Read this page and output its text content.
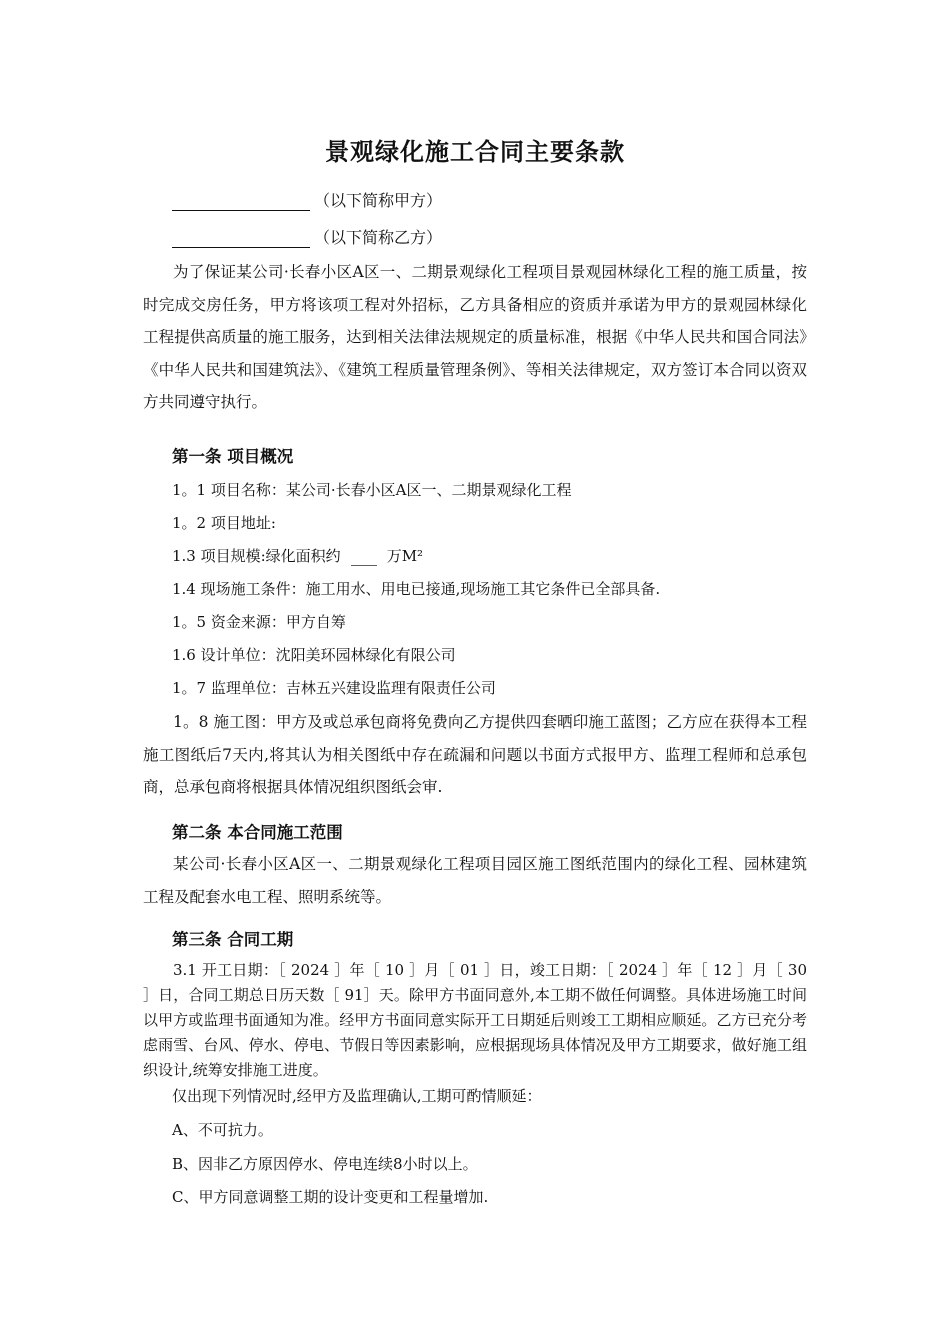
景观绿化施工合同主要条款
（以下简称甲方）
（以下简称乙方）
为了保证某公司·长春小区A区一、二期景观绿化工程项目景观园林绿化工程的施工质量，按时完成交房任务，甲方将该项工程对外招标，乙方具备相应的资质并承诺为甲方的景观园林绿化工程提供高质量的施工服务，达到相关法律法规规定的质量标准，根据《中华人民共和国合同法》《中华人民共和国建筑法》、《建筑工程质量管理条例》、等相关法律规定，双方签订本合同以资双方共同遵守执行。
第一条 项目概况
1。1 项目名称：某公司·长春小区A区一、二期景观绿化工程
1。2 项目地址:
1.3 项目规模:绿化面积约	万M²
1.4 现场施工条件：施工用水、用电已接通,现场施工其它条件已全部具备.
1。5 资金来源：甲方自筹
1.6 设计单位：沈阳美环园林绿化有限公司
1。7 监理单位：吉林五兴建设监理有限责任公司
1。8 施工图：甲方及或总承包商将免费向乙方提供四套晒印施工蓝图；乙方应在获得本工程施工图纸后7天内,将其认为相关图纸中存在疏漏和问题以书面方式报甲方、监理工程师和总承包商，总承包商将根据具体情况组织图纸会审.
第二条 本合同施工范围
某公司·长春小区A区一、二期景观绿化工程项目园区施工图纸范围内的绿化工程、园林建筑工程及配套水电工程、照明系统等。
第三条 合同工期
3.1 开工日期：［ 2024 ］年［ 10 ］月［ 01 ］日，竣工日期：［ 2024 ］年［ 12 ］月［ 30 ］日，合同工期总日历天数［ 91］天。除甲方书面同意外,本工期不做任何调整。具体进场施工时间以甲方或监理书面通知为准。经甲方书面同意实际开工日期延后则竣工工期相应顺延。乙方已充分考虑雨雪、台风、停水、停电、节假日等因素影响，应根据现场具体情况及甲方工期要求，做好施工组织设计,统筹安排施工进度。
仅出现下列情况时,经甲方及监理确认,工期可酌情顺延：
A、不可抗力。
B、因非乙方原因停水、停电连续8小时以上。
C、甲方同意调整工期的设计变更和工程量增加.
